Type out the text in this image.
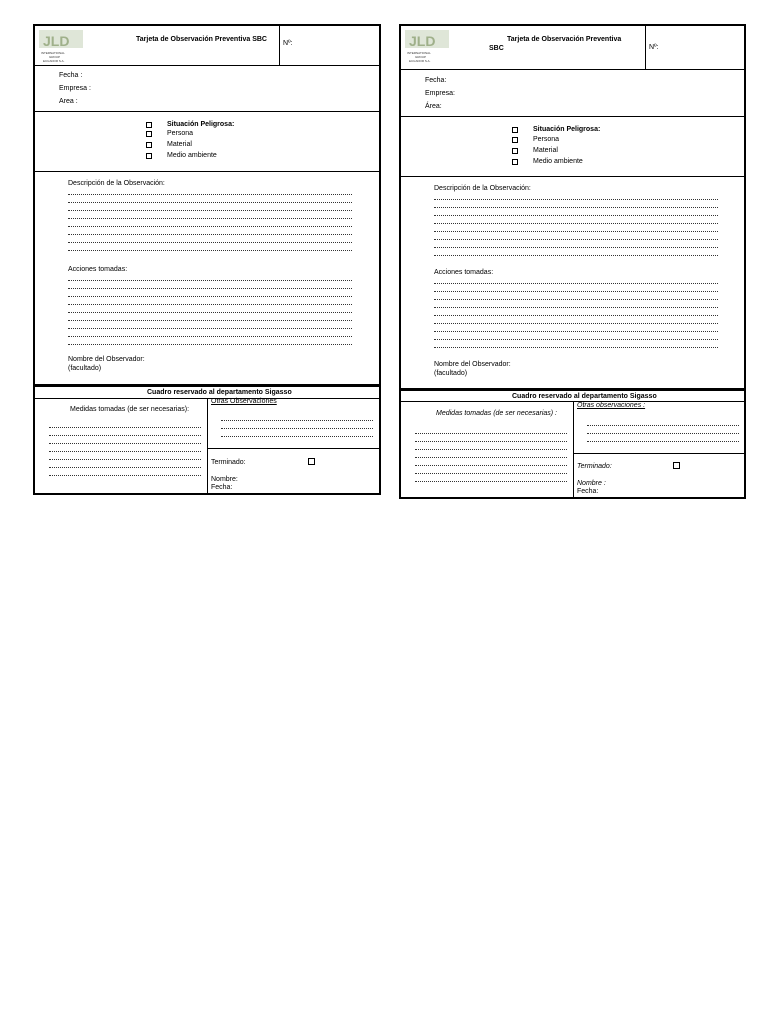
JLD
INTERNATIONAL
GROUP
ECUADOR S.A.
Tarjeta de Observación Preventiva SBC
Nº:
Fecha :
Empresa :
Area :
Situación Peligrosa:
Persona
Material
Medio ambiente
Descripción de la Observación:
Acciones tomadas:
Nombre del Observador:
(facultado)
Cuadro reservado al departamento Sigasso
Medidas tomadas (de ser necesarias):
Otras Observaciones
Terminado:
Nombre:
Fecha:
JLD
INTERNATIONAL
GROUP
ECUADOR S.A.
Tarjeta de Observación Preventiva
SBC	Nº:
Fecha:
Empresa:
Área:
Situación Peligrosa:
Persona
Material
Medio ambiente
Descripción de la Observación:
Acciones tomadas:
Nombre del Observador:
(facultado)
Cuadro reservado al departamento Sigasso
Medidas tomadas (de ser necesarias) :
Otras observaciones :
Terminado:
Nombre :
Fecha:
